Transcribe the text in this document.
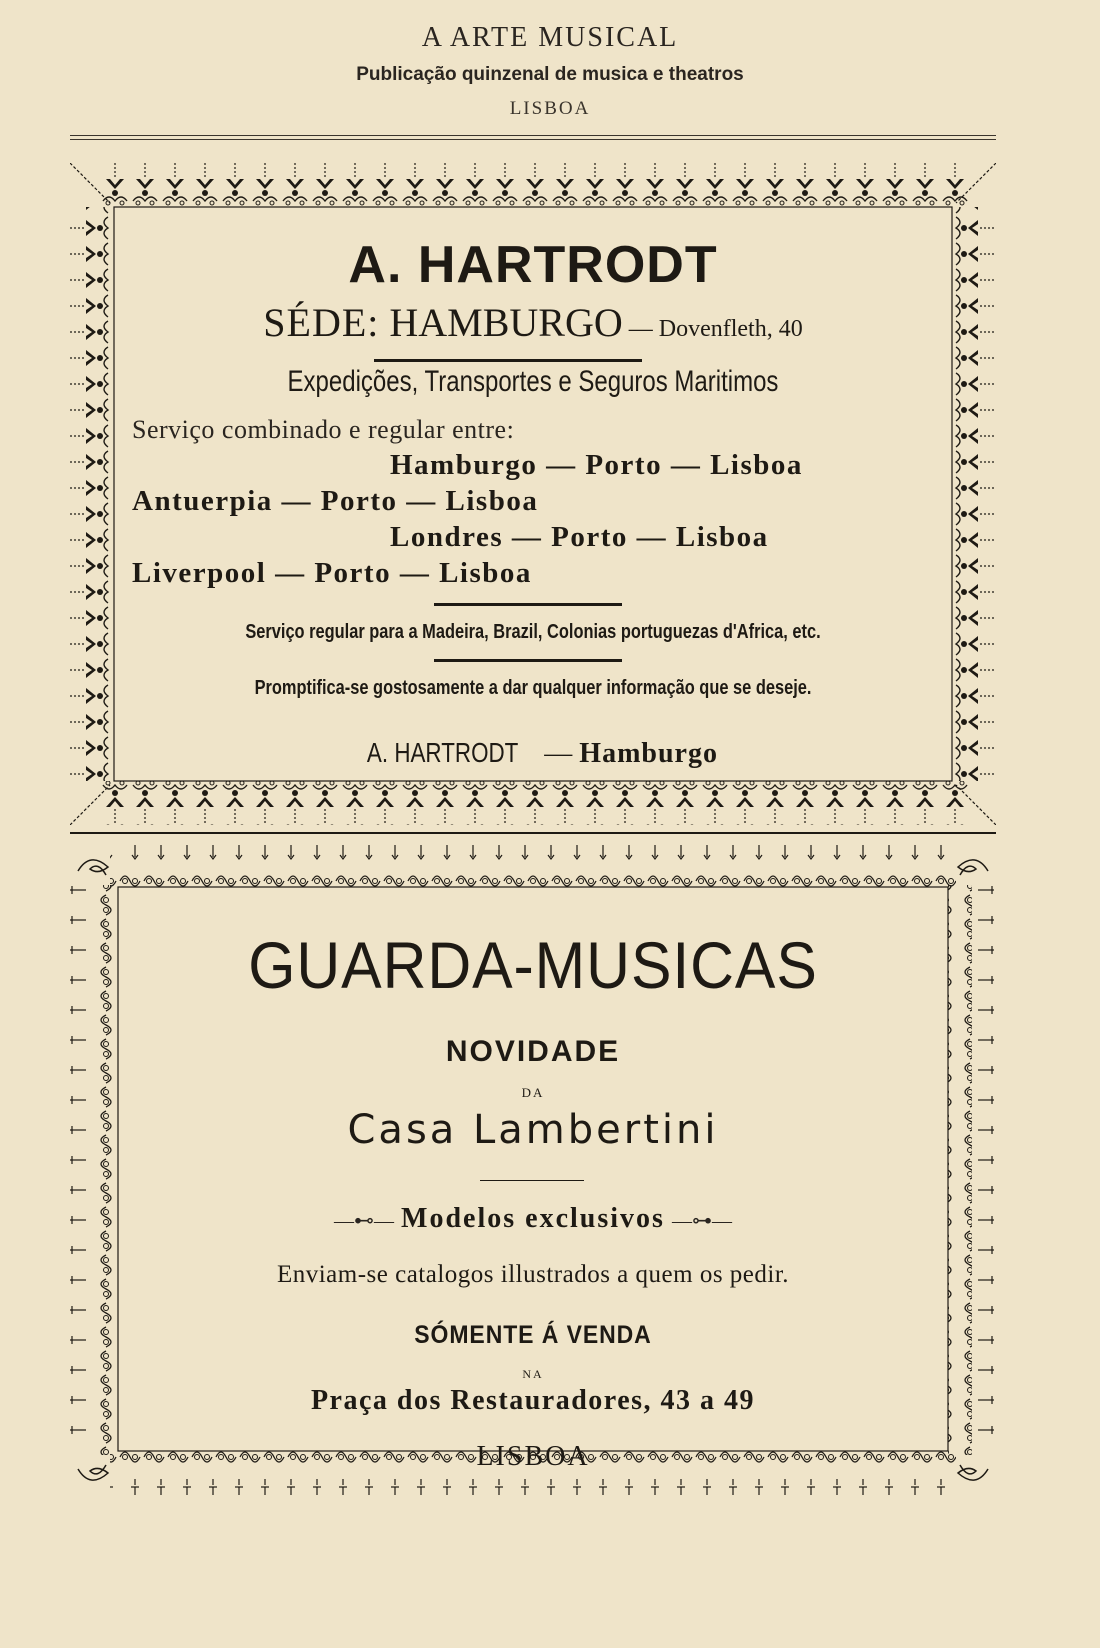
A ARTE MUSICAL
Publicação quinzenal de musica e theatros
LISBOA
A. HARTRODT
SÉDE: HAMBURGO — Dovenfleth, 40
Expedições, Transportes e Seguros Maritimos
Serviço combinado e regular entre:
Hamburgo — Porto — Lisboa
Antuerpia — Porto — Lisboa
Londres — Porto — Lisboa
Liverpool — Porto — Lisboa
Serviço regular para a Madeira, Brazil, Colonias portuguezas d'Africa, etc.
Promptifica-se gostosamente a dar qualquer informação que se deseje.
A. HARTRODT — Hamburgo
GUARDA-MUSICAS
NOVIDADE
DA
Casa Lambertini
—⊷— Modelos exclusivos —⊶—
Enviam-se catalogos illustrados a quem os pedir.
SÓMENTE Á VENDA
NA
Praça dos Restauradores, 43 a 49
LISBOA
